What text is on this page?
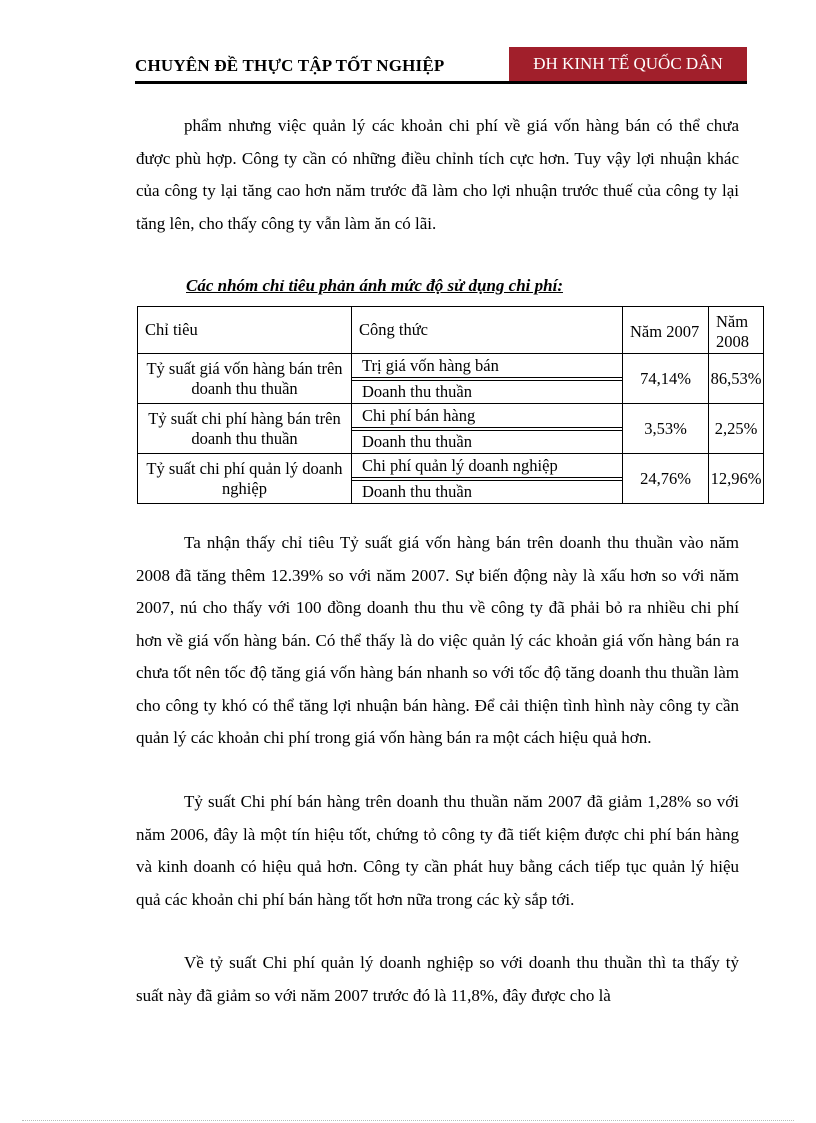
CHUYÊN ĐỀ THỰC TẬP TỐT NGHIỆP	ĐH KINH TẾ QUỐC DÂN

phẩm nhưng việc quản lý các khoản chi phí về giá vốn hàng bán có thể chưa được phù hợp. Công ty cần có những điều chỉnh tích cực hơn. Tuy vậy lợi nhuận khác của công ty lại tăng cao hơn năm trước đã làm cho lợi nhuận trước thuế của công ty lại tăng lên, cho thấy công ty vẫn làm ăn có lãi.

Các nhóm chỉ tiêu phản ánh mức độ sử dụng chi phí:
Chỉ tiêu	Công thức	Năm 2007	Năm 2008
Tỷ suất giá vốn hàng bán trên doanh thu thuần	Trị giá vốn hàng bán
Doanh thu thuần	74,14%	86,53%
Tỷ suất chi phí hàng bán trên doanh thu thuần	Chi phí bán hàng
Doanh thu thuần	3,53%	2,25%
Tỷ suất chi phí quản lý doanh nghiệp	Chi phí quản lý doanh nghiệp
Doanh thu thuần	24,76%	12,96%

Ta nhận thấy chỉ tiêu Tỷ suất giá vốn hàng bán trên doanh thu thuần vào năm 2008 đã tăng thêm 12.39% so với năm 2007. Sự biến động này là xấu hơn so với năm 2007, nú cho thấy với 100 đồng doanh thu thu về công ty đã phải bỏ ra nhiều chi phí hơn về giá vốn hàng bán. Có thể thấy là do việc quản lý các khoản giá vốn hàng bán ra chưa tốt nên tốc độ tăng giá vốn hàng bán nhanh so với tốc độ tăng doanh thu thuần làm cho công ty khó có thể tăng lợi nhuận bán hàng. Để cải thiện tình hình này công ty cần quản lý các khoản chi phí trong giá vốn hàng bán ra một cách hiệu quả hơn.

Tỷ suất Chi phí bán hàng trên doanh thu thuần năm 2007 đã giảm 1,28% so với năm 2006, đây là một tín hiệu tốt, chứng tỏ công ty đã tiết kiệm được chi phí bán hàng và kinh doanh có hiệu quả hơn. Công ty cần phát huy bằng cách tiếp tục quản lý hiệu quả các khoản chi phí bán hàng tốt hơn nữa trong các kỳ sắp tới.

Về tỷ suất Chi phí quản lý doanh nghiệp so với doanh thu thuần thì ta thấy tỷ suất này đã giảm so với năm 2007 trước đó là 11,8%, đây được cho là
